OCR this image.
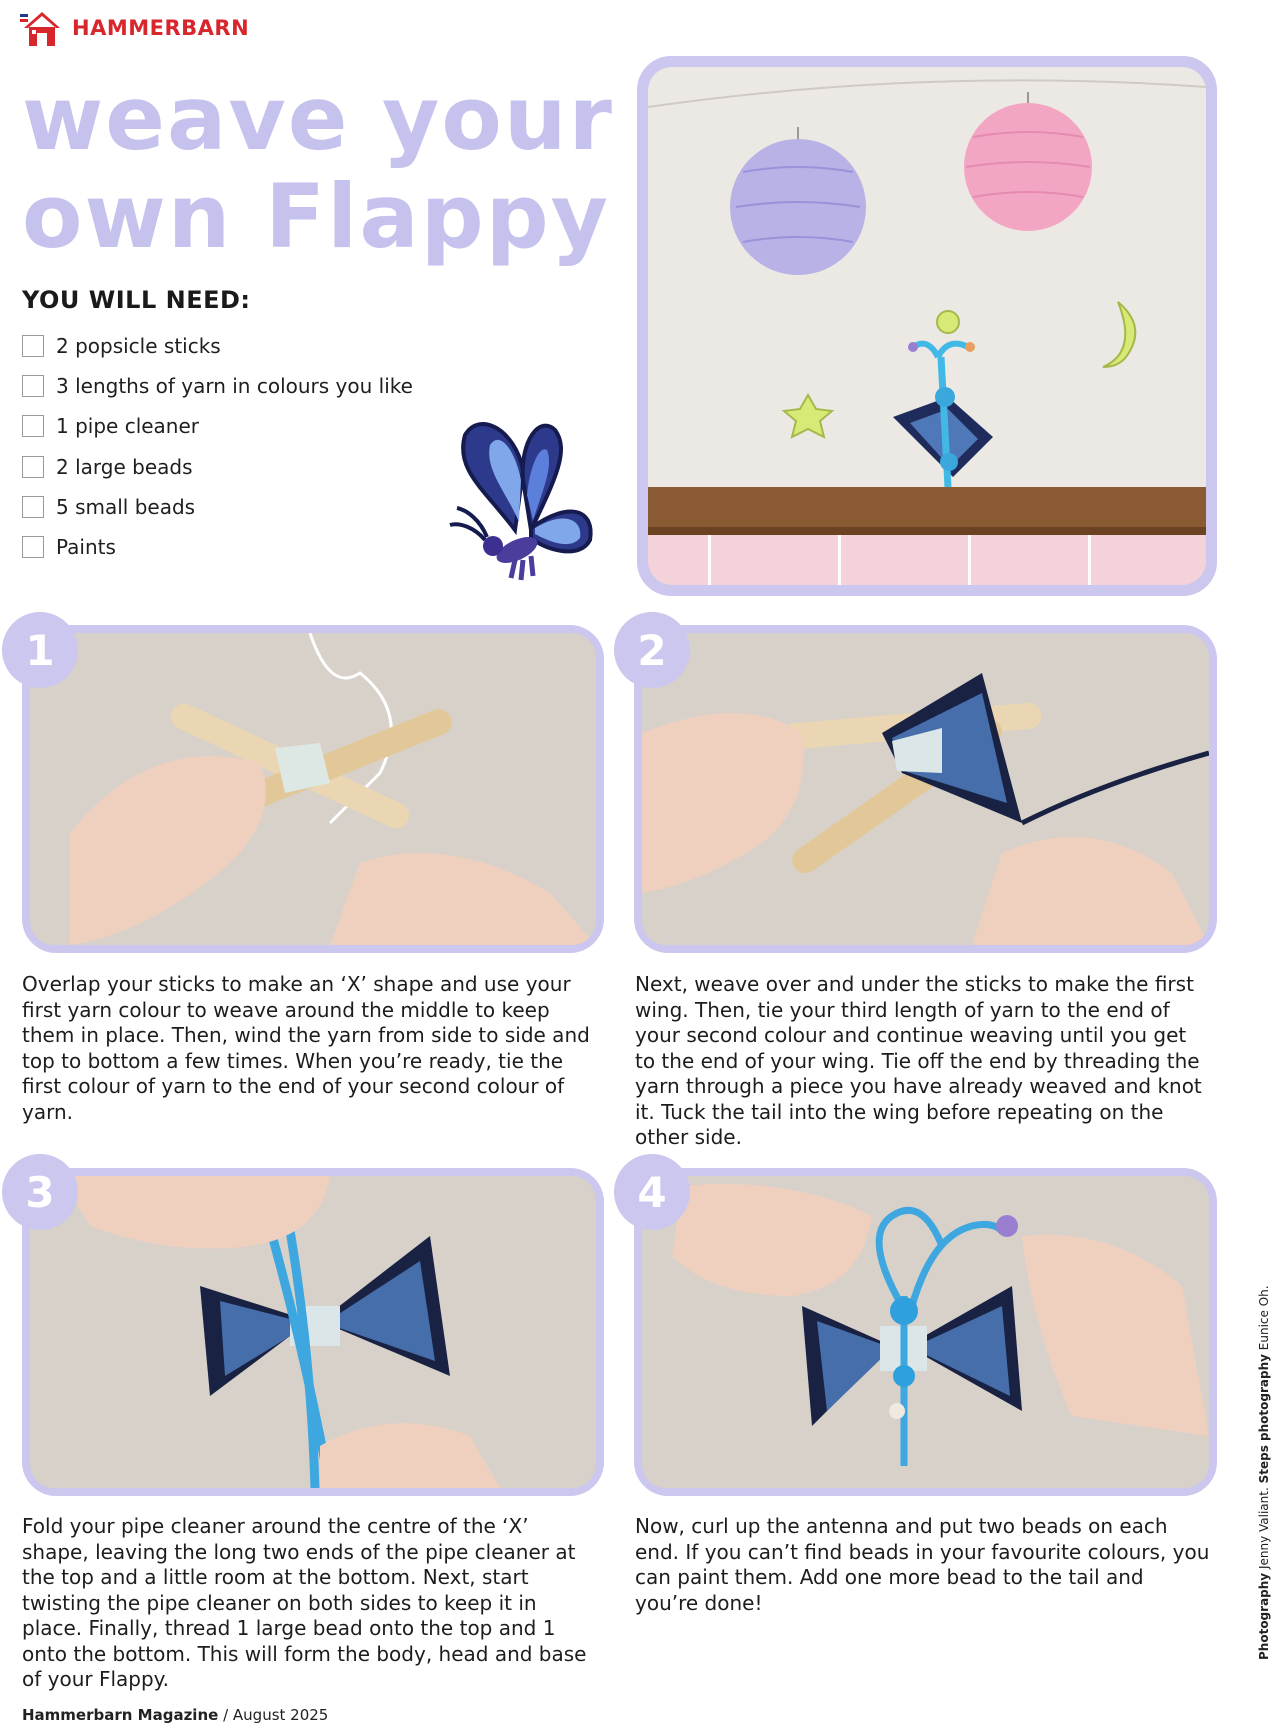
HAMMERBARN
weave your
own Flappy
YOU WILL NEED:
2 popsicle sticks
3 lengths of yarn in colours you like
1 pipe cleaner
2 large beads
5 small beads
Paints
1

Overlap your sticks to make an ‘X’ shape and use your first yarn colour to weave around the middle to keep them in place. Then, wind the yarn from side to side and top to bottom a few times. When you’re ready, tie the first colour of yarn to the end of your second colour of yarn.

2

Next, weave over and under the sticks to make the first wing. Then, tie your third length of yarn to the end of your second colour and continue weaving until you get to the end of your wing. Tie off the end by threading the yarn through a piece you have already weaved and knot it. Tuck the tail into the wing before repeating on the other side.

3

Fold your pipe cleaner around the centre of the ‘X’ shape, leaving the long two ends of the pipe cleaner at the top and a little room at the bottom. Next, start twisting the pipe cleaner on both sides to keep it in place. Finally, thread 1 large bead onto the top and 1 onto the bottom. This will form the body, head and base of your Flappy.

4

Now, curl up the antenna and put two beads on each end. If you can’t find beads in your favourite colours, you can paint them. Add one more bead to the tail and you’re done!	Photography Jenny Valiant. Steps photography Eunice Oh.
Hammerbarn Magazine / August 2025
